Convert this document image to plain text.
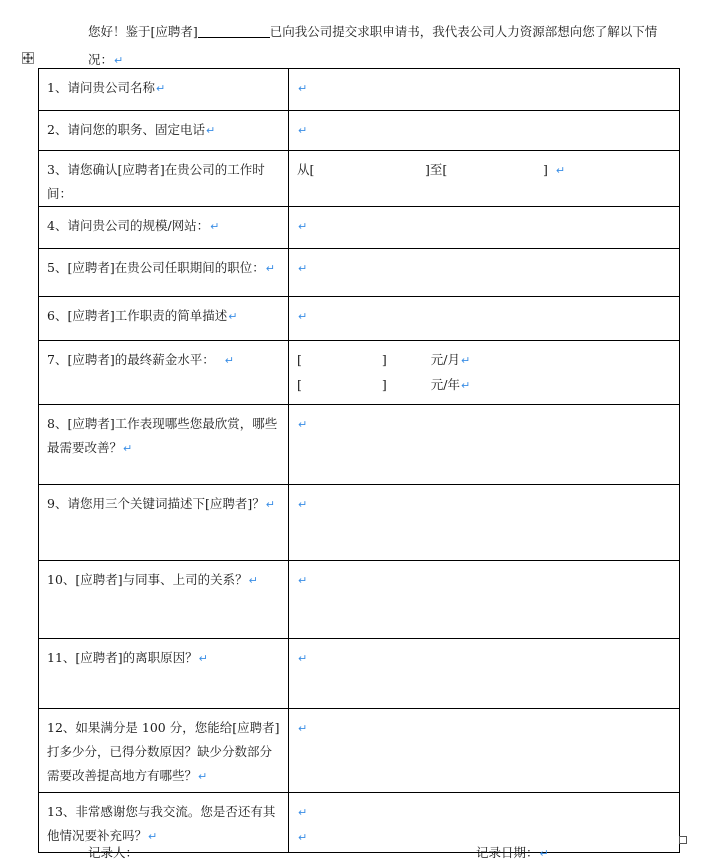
您好！鉴于[应聘者]	已向我公司提交求职申请书，我代表公司人力资源部想向您了解以下情
况：↵
1、请问贵公司名称↵	↵
2、请问您的职务、固定电话↵	↵
3、请您确认[应聘者]在贵公司的工作时间：	从[ ]至[ ] ↵
4、请问贵公司的规模/网站：↵	↵
5、[应聘者]在贵公司任职期间的职位：↵	↵
6、[应聘者]工作职责的简单描述↵	↵
7、[应聘者]的最终薪金水平： ↵	[ ] 元/月↵
[ ] 元/年↵

8、[应聘者]工作表现哪些您最欣赏，哪些最需要改善？↵	↵
9、请您用三个关键词描述下[应聘者]？↵	↵
10、[应聘者]与同事、上司的关系？↵	↵
11、[应聘者]的离职原因？↵	↵
12、如果满分是 100 分，您能给[应聘者]打多少分，已得分数原因？缺少分数部分需要改善提高地方有哪些？↵	↵
13、非常感谢您与我交流。您是否还有其他情况要补充吗？↵	↵
↵
记录人：	记录日期：↵
